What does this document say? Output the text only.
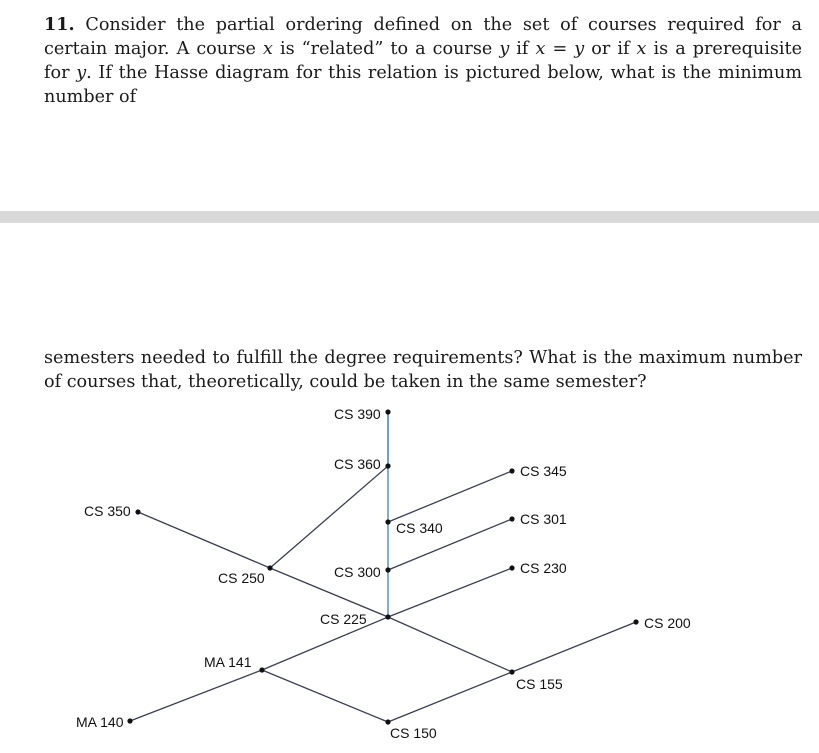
11. Consider the partial ordering defined on the set of courses required for a certain major. A course x is “related” to a course y if x = y or if x is a prerequisite for y. If the Hasse diagram for this relation is pictured below, what is the minimum number of

semesters needed to fulfill the degree requirements? What is the maximum number of courses that, theoretically, could be taken in the same semester?

CS 390
CS 360	CS 345
CS 350
CS 340
CS 301
CS 250	CS 300	CS 230
CS 225	CS 200
MA 141
CS 155
MA 140
CS 150
